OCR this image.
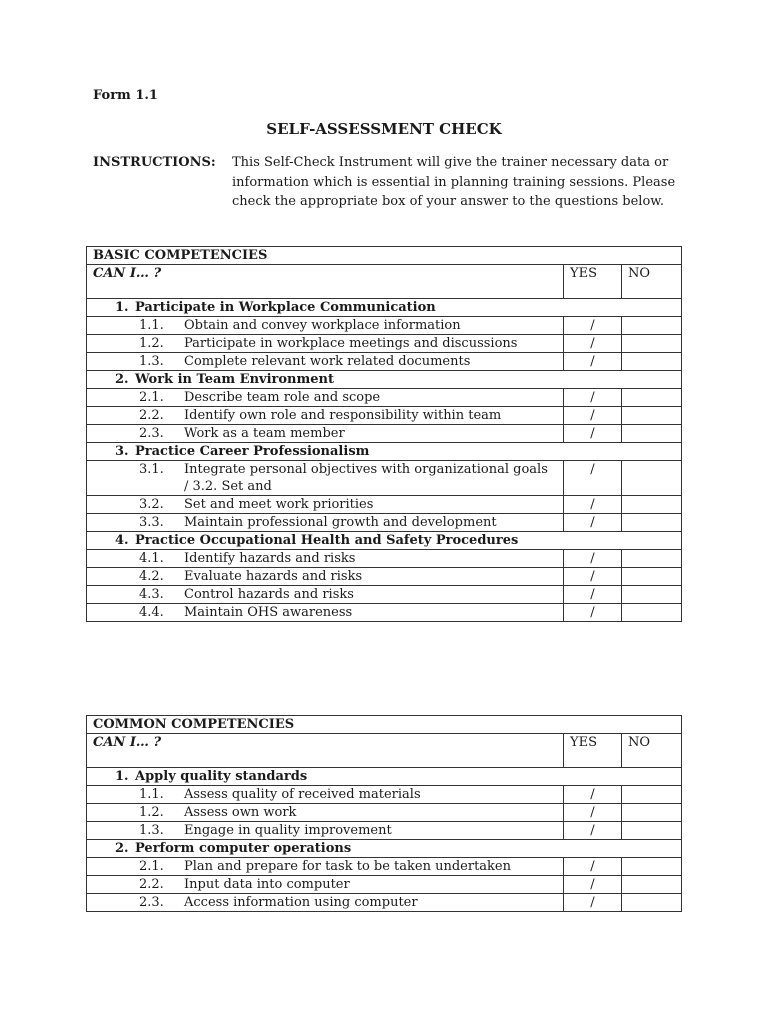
Form 1.1
SELF-ASSESSMENT CHECK
INSTRUCTIONS: This Self-Check Instrument will give the trainer necessary data or information which is essential in planning training sessions. Please check the appropriate box of your answer to the questions below.
BASIC COMPETENCIES		
CAN I… ?	YES	NO
1. Participate in Workplace Communication		
1.1. Obtain and convey workplace information	/	
1.2. Participate in workplace meetings and discussions	/	
1.3. Complete relevant work related documents	/	
2. Work in Team Environment		
2.1. Describe team role and scope	/	
2.2. Identify own role and responsibility within team	/	
2.3. Work as a team member	/	
3. Practice Career Professionalism		
3.1. Integrate personal objectives with organizational goals / 3.2. Set and	/	
3.2. Set and meet work priorities	/	
3.3. Maintain professional growth and development	/	
4. Practice Occupational Health and Safety Procedures		
4.1. Identify hazards and risks	/	
4.2. Evaluate hazards and risks	/	
4.3. Control hazards and risks	/	
4.4. Maintain OHS awareness	/	
COMMON COMPETENCIES		
CAN I… ?	YES	NO
1. Apply quality standards		
1.1. Assess quality of received materials	/	
1.2. Assess own work	/	
1.3. Engage in quality improvement	/	
2. Perform computer operations		
2.1. Plan and prepare for task to be taken undertaken	/	
2.2. Input data into computer	/	
2.3. Access information using computer	/	
